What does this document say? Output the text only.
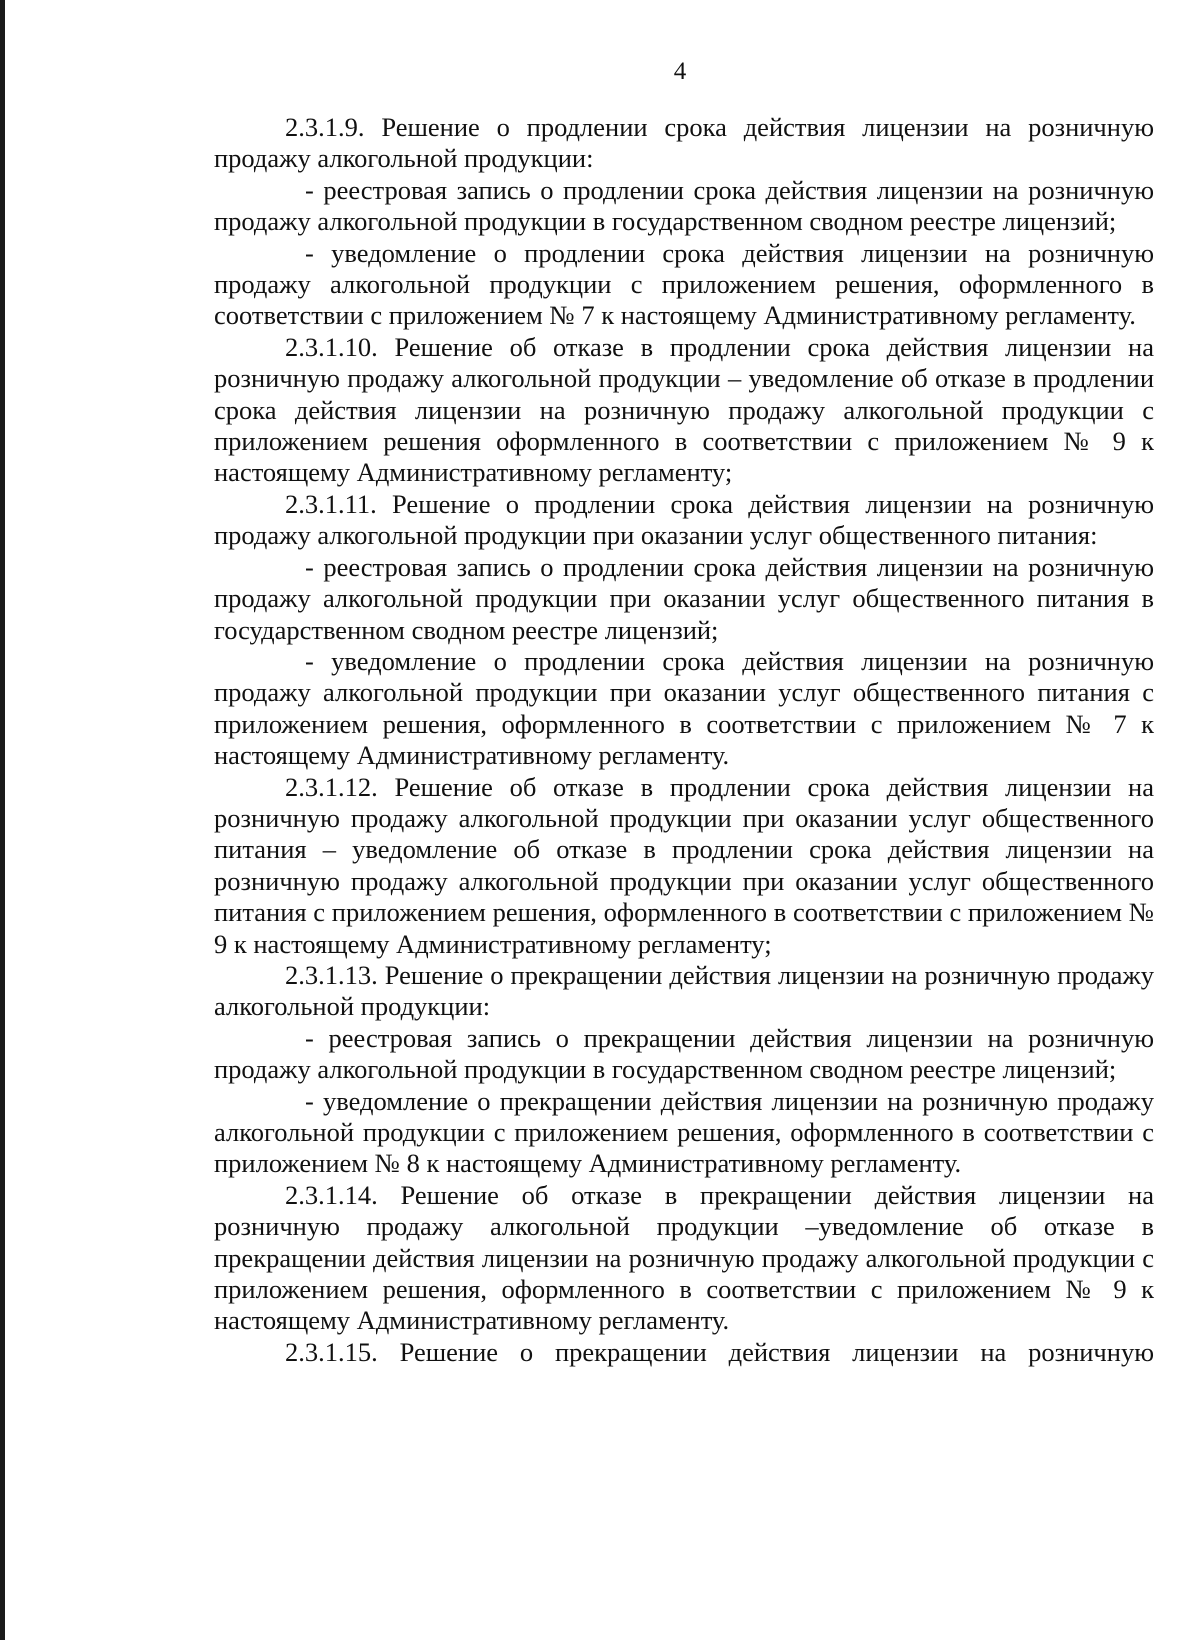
4

2.3.1.9. Решение о продлении срока действия лицензии на розничную продажу алкогольной продукции:

- реестровая запись о продлении срока действия лицензии на розничную продажу алкогольной продукции в государственном сводном реестре лицензий;

- уведомление о продлении срока действия лицензии на розничную продажу алкогольной продукции с приложением решения, оформленного в соответствии с приложением № 7 к настоящему Административному регламенту.

2.3.1.10. Решение об отказе в продлении срока действия лицензии на розничную продажу алкогольной продукции – уведомление об отказе в продлении срока действия лицензии на розничную продажу алкогольной продукции с приложением решения оформленного в соответствии с приложением № 9 к настоящему Административному регламенту;

2.3.1.11. Решение о продлении срока действия лицензии на розничную продажу алкогольной продукции при оказании услуг общественного питания:

- реестровая запись о продлении срока действия лицензии на розничную продажу алкогольной продукции при оказании услуг общественного питания в государственном сводном реестре лицензий;

- уведомление о продлении срока действия лицензии на розничную продажу алкогольной продукции при оказании услуг общественного питания с приложением решения, оформленного в соответствии с приложением № 7 к настоящему Административному регламенту.

2.3.1.12. Решение об отказе в продлении срока действия лицензии на розничную продажу алкогольной продукции при оказании услуг общественного питания – уведомление об отказе в продлении срока действия лицензии на розничную продажу алкогольной продукции при оказании услуг общественного питания с приложением решения, оформленного в соответствии с приложением № 9 к настоящему Административному регламенту;

2.3.1.13. Решение о прекращении действия лицензии на розничную продажу алкогольной продукции:

- реестровая запись о прекращении действия лицензии на розничную продажу алкогольной продукции в государственном сводном реестре лицензий;

- уведомление о прекращении действия лицензии на розничную продажу алкогольной продукции с приложением решения, оформленного в соответствии с приложением № 8 к настоящему Административному регламенту.

2.3.1.14. Решение об отказе в прекращении действия лицензии на розничную продажу алкогольной продукции –уведомление об отказе в прекращении действия лицензии на розничную продажу алкогольной продукции с приложением решения, оформленного в соответствии с приложением № 9 к настоящему Административному регламенту.

2.3.1.15. Решение о прекращении действия лицензии на розничную
